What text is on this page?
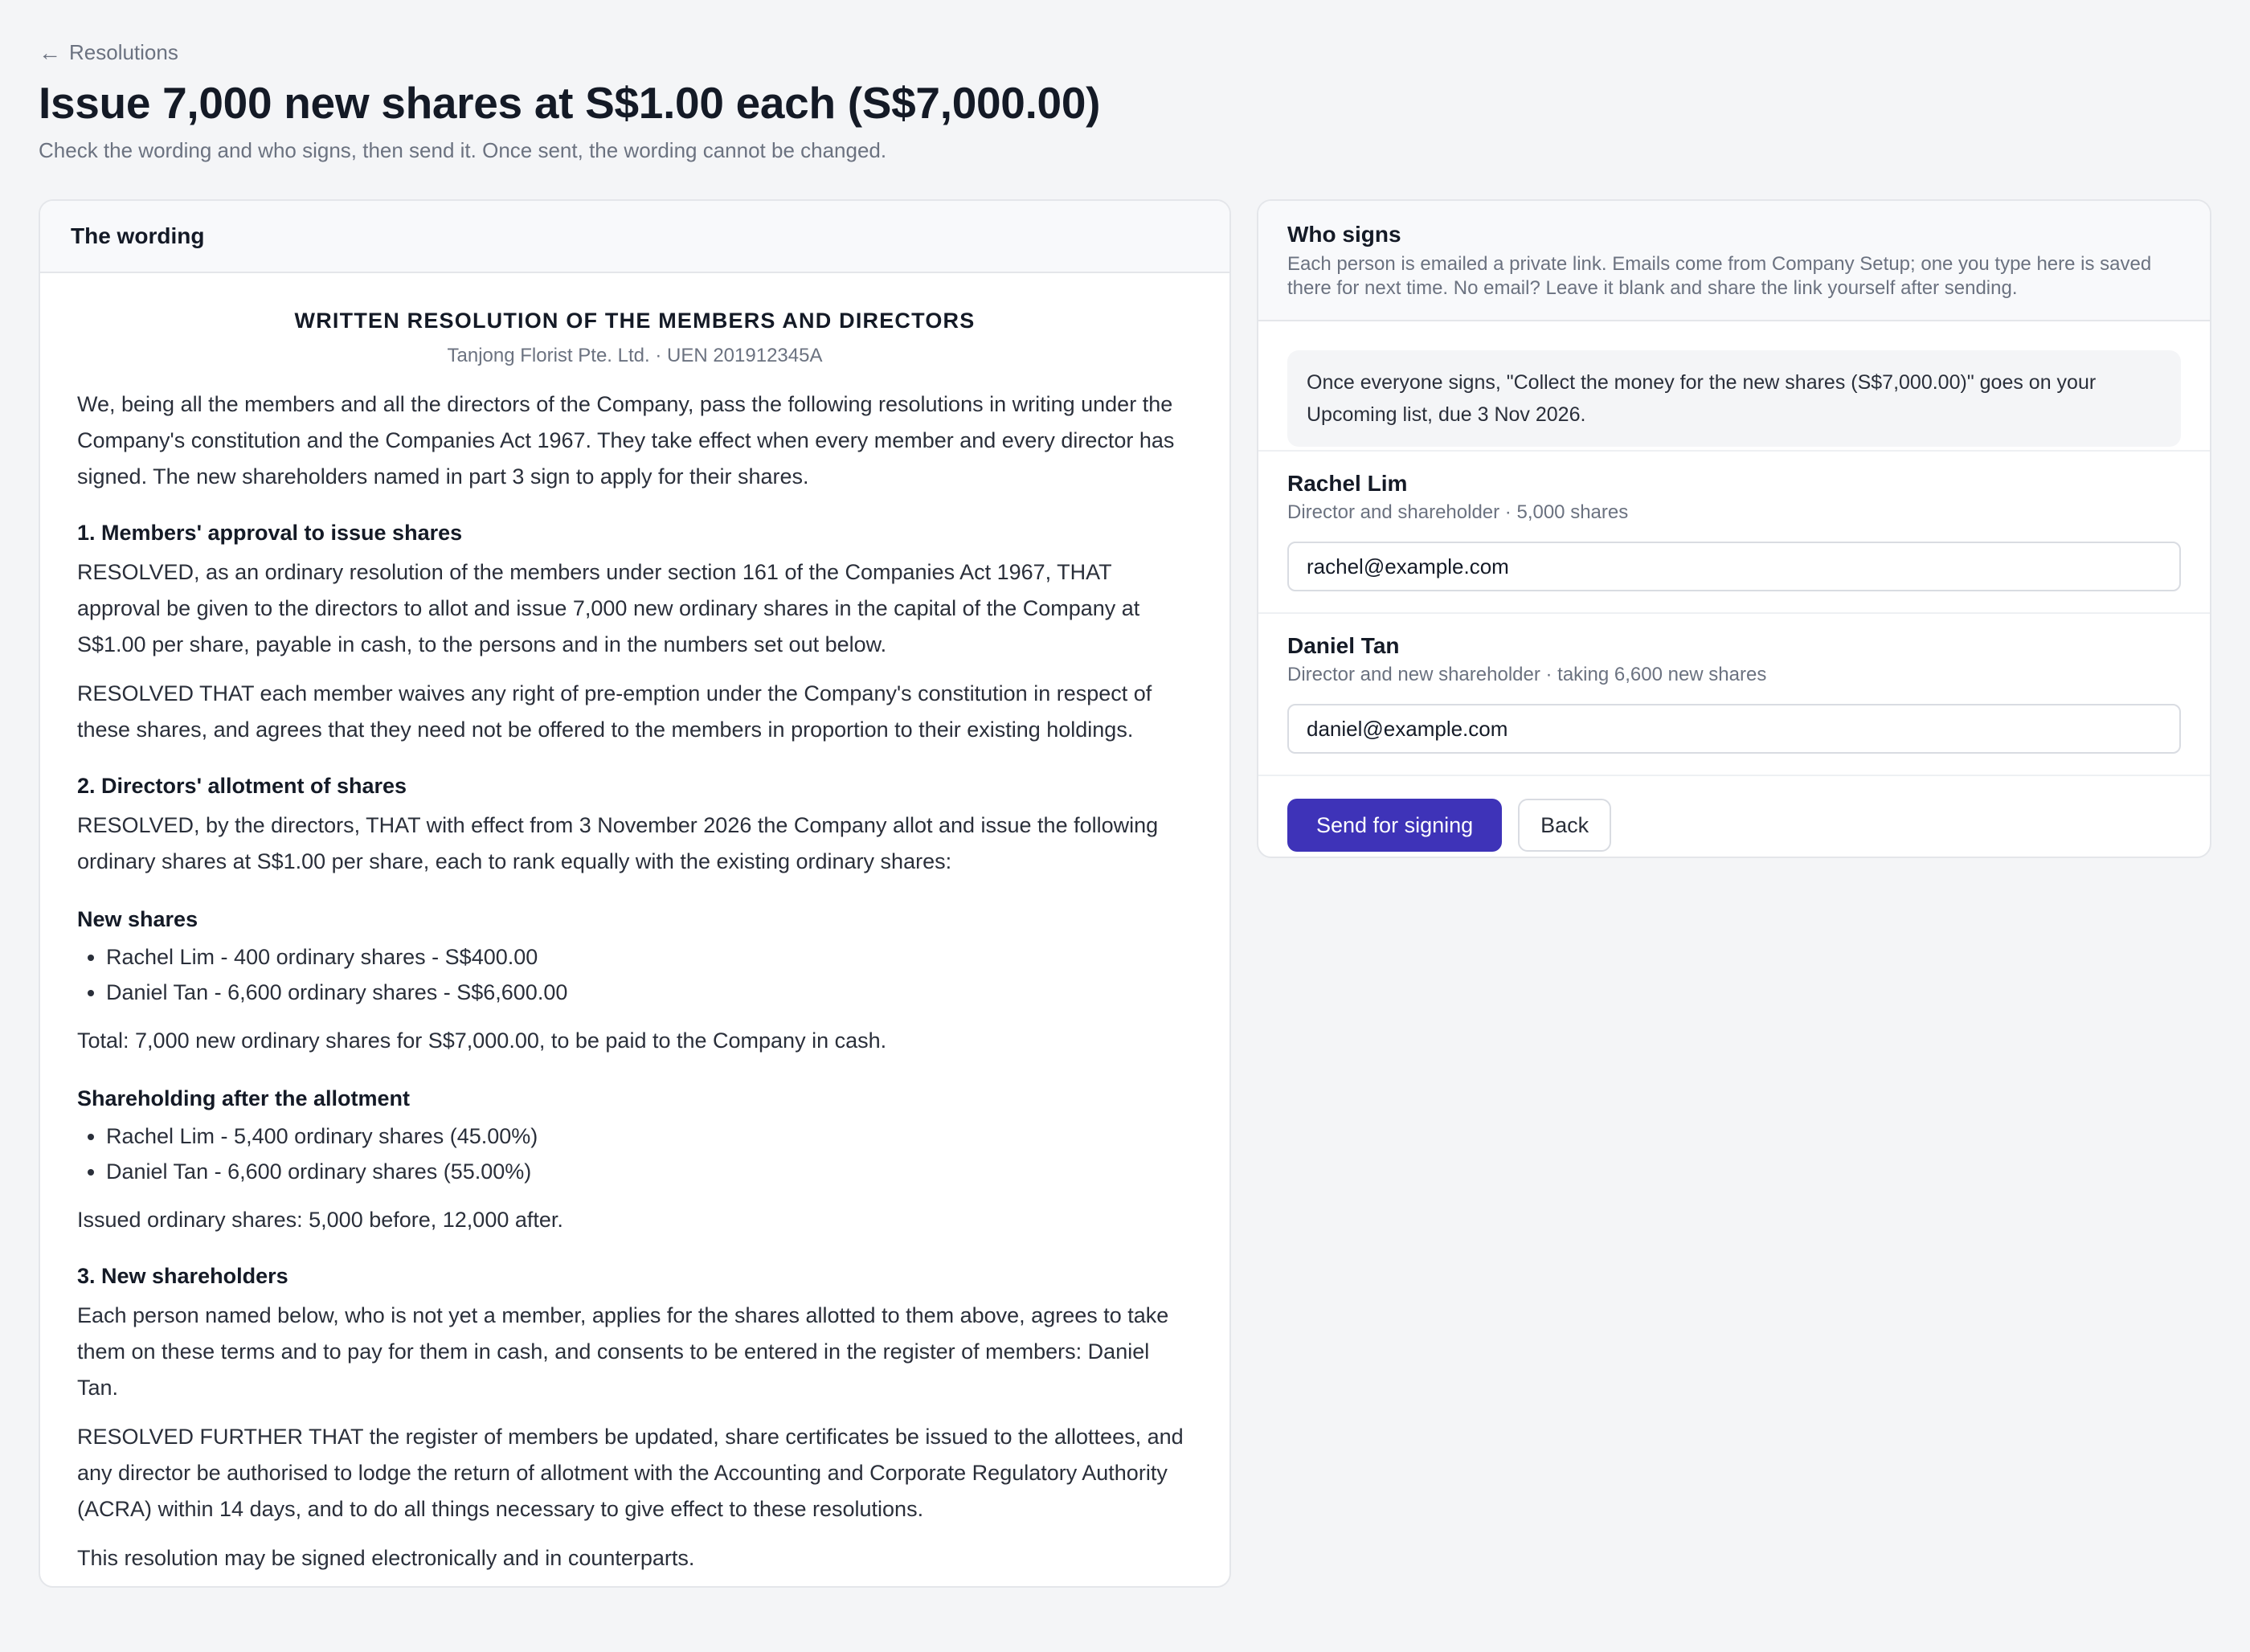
← Resolutions
Issue 7,000 new shares at S$1.00 each (S$7,000.00)
Check the wording and who signs, then send it. Once sent, the wording cannot be changed.
The wording
WRITTEN RESOLUTION OF THE MEMBERS AND DIRECTORS
Tanjong Florist Pte. Ltd. · UEN 201912345A

We, being all the members and all the directors of the Company, pass the following resolutions in writing under the Company's constitution and the Companies Act 1967. They take effect when every member and every director has signed. The new shareholders named in part 3 sign to apply for their shares.

1. Members' approval to issue shares

RESOLVED, as an ordinary resolution of the members under section 161 of the Companies Act 1967, THAT approval be given to the directors to allot and issue 7,000 new ordinary shares in the capital of the Company at S$1.00 per share, payable in cash, to the persons and in the numbers set out below.

RESOLVED THAT each member waives any right of pre-emption under the Company's constitution in respect of these shares, and agrees that they need not be offered to the members in proportion to their existing holdings.

2. Directors' allotment of shares

RESOLVED, by the directors, THAT with effect from 3 November 2026 the Company allot and issue the following ordinary shares at S$1.00 per share, each to rank equally with the existing ordinary shares:

New shares
• Rachel Lim - 400 ordinary shares - S$400.00
• Daniel Tan - 6,600 ordinary shares - S$6,600.00

Total: 7,000 new ordinary shares for S$7,000.00, to be paid to the Company in cash.

Shareholding after the allotment
• Rachel Lim - 5,400 ordinary shares (45.00%)
• Daniel Tan - 6,600 ordinary shares (55.00%)

Issued ordinary shares: 5,000 before, 12,000 after.

3. New shareholders

Each person named below, who is not yet a member, applies for the shares allotted to them above, agrees to take them on these terms and to pay for them in cash, and consents to be entered in the register of members: Daniel Tan.

RESOLVED FURTHER THAT the register of members be updated, share certificates be issued to the allottees, and any director be authorised to lodge the return of allotment with the Accounting and Corporate Regulatory Authority (ACRA) within 14 days, and to do all things necessary to give effect to these resolutions.

This resolution may be signed electronically and in counterparts.

Who signs
Each person is emailed a private link. Emails come from Company Setup; one you type here is saved there for next time. No email? Leave it blank and share the link yourself after sending.
Once everyone signs, "Collect the money for the new shares (S$7,000.00)" goes on your Upcoming list, due 3 Nov 2026.
Rachel Lim
Director and shareholder · 5,000 shares
rachel@example.com
Daniel Tan
Director and new shareholder · taking 6,600 new shares
daniel@example.com
Send for signing	Back
